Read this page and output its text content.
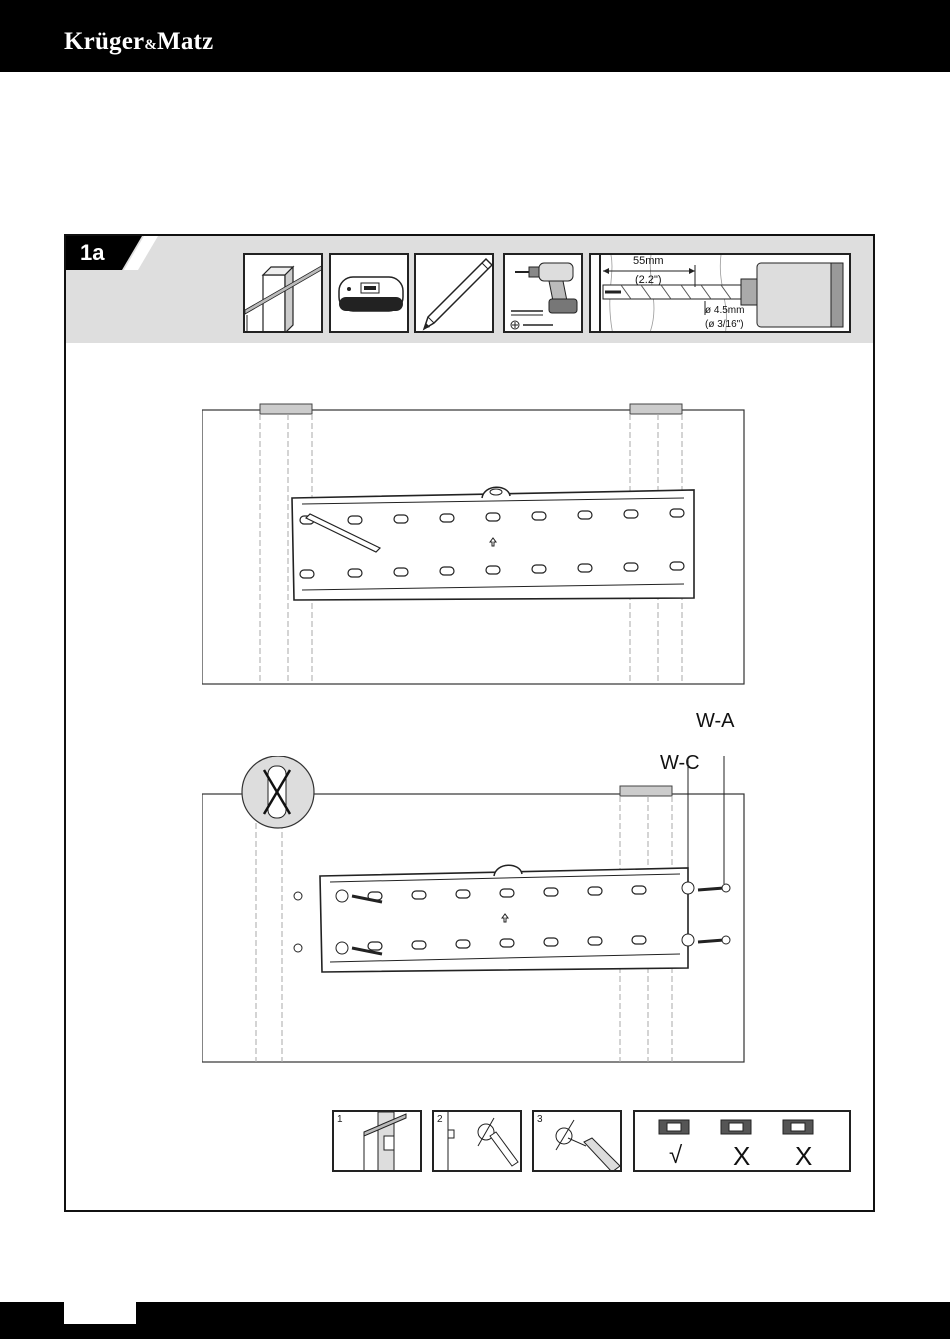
Krüger&Matz
1a	55mm
(2.2")
ø 4.5mm
(ø 3/16")
W-A
W-C
1	2	3
√ X X
